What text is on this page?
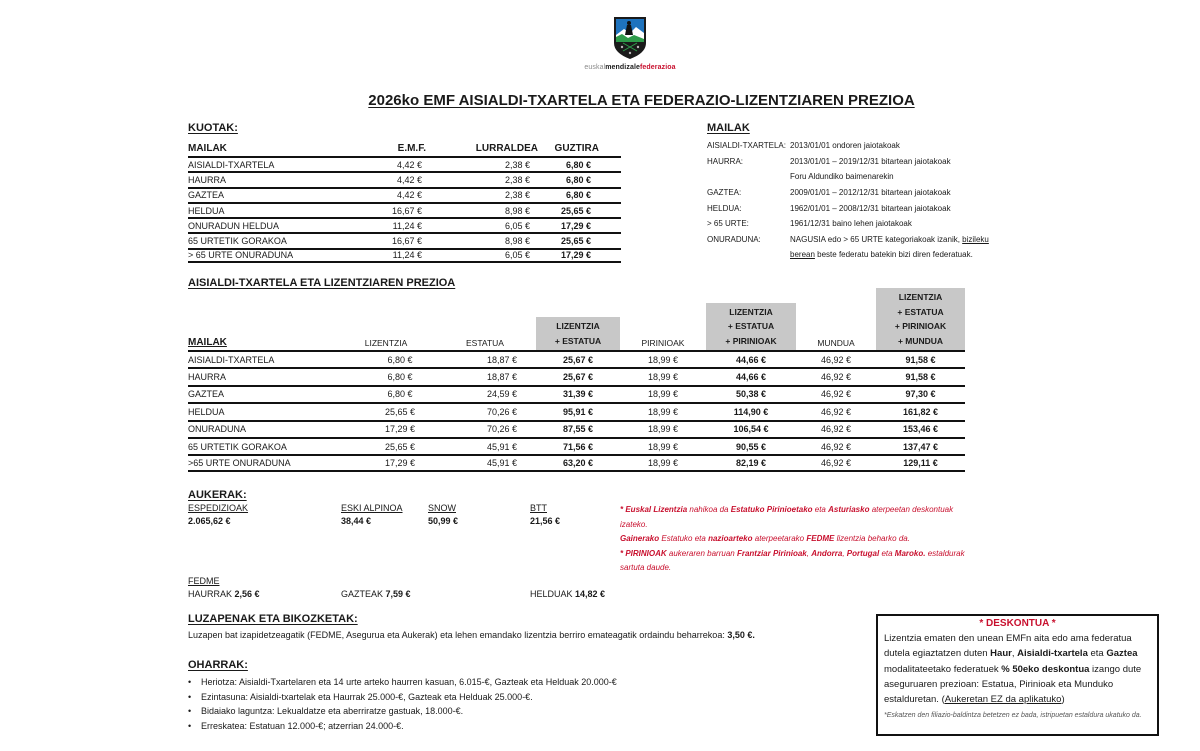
euskalmendizalefederazioa
2026ko EMF AISIALDI-TXARTELA ETA FEDERAZIO-LIZENTZIAREN PREZIOA
KUOTAK:
MAILAK	E.M.F.	LURRALDEA	GUZTIRA
AISIALDI-TXARTELA	4,42 €	2,38 €	6,80 €
HAURRA	4,42 €	2,38 €	6,80 €
GAZTEA	4,42 €	2,38 €	6,80 €
HELDUA	16,67 €	8,98 €	25,65 €
ONURADUN HELDUA	11,24 €	6,05 €	17,29 €
65 URTETIK GORAKOA	16,67 €	8,98 €	25,65 €
> 65 URTE ONURADUNA	11,24 €	6,05 €	17,29 €
MAILAK
AISIALDI-TXARTELA: 2013/01/01 ondoren jaiotakoak
HAURRA:	2013/01/01 – 2019/12/31 bitartean jaiotakoak
Foru Aldundiko baimenarekin
GAZTEA:	2009/01/01 – 2012/12/31 bitartean jaiotakoak
HELDUA:	1962/01/01 – 2008/12/31 bitartean jaiotakoak
> 65 URTE:	1961/12/31 baino lehen jaiotakoak
ONURADUNA:	NAGUSIA edo > 65 URTE kategoriakoak izanik, bizileku
berean beste federatu batekin bizi diren federatuak.
AISIALDI-TXARTELA ETA LIZENTZIAREN PREZIOA
MAILAK	LIZENTZIA	ESTATUA
LIZENTZIA
+ ESTATUA	PIRINIOAK
LIZENTZIA
+ ESTATUA
+ PIRINIOAK	MUNDUA
LIZENTZIA
+ ESTATUA
+ PIRINIOAK
+ MUNDUA
AISIALDI-TXARTELA	6,80 €	18,87 €	25,67 €	18,99 €	44,66 €	46,92 €	91,58 €
HAURRA	6,80 €	18,87 €	25,67 €	18,99 €	44,66 €	46,92 €	91,58 €
GAZTEA	6,80 €	24,59 €	31,39 €	18,99 €	50,38 €	46,92 €	97,30 €
HELDUA	25,65 €	70,26 €	95,91 €	18,99 €	114,90 €	46,92 €	161,82 €
ONURADUNA	17,29 €	70,26 €	87,55 €	18,99 €	106,54 €	46,92 €	153,46 €
65 URTETIK GORAKOA	25,65 €	45,91 €	71,56 €	18,99 €	90,55 €	46,92 €	137,47 €
>65 URTE ONURADUNA	17,29 €	45,91 €	63,20 €	18,99 €	82,19 €	46,92 €	129,11 €
AUKERAK:
ESPEDIZIOAK
2.065,62 €
ESKI ALPINOA
38,44 €
SNOW
50,99 €
BTT
21,56 €
FEDME
HAURRAK 2,56 €	GAZTEAK 7,59 €	HELDUAK 14,82 €
* Euskal Lizentzia nahikoa da Estatuko Pirinioetako eta Asturiasko aterpeetan deskontuak izateko.
Gainerako Estatuko eta nazioarteko aterpeetarako FEDME lizentzia beharko da.
* PIRINIOAK aukeraren barruan Frantziar Pirinioak, Andorra, Portugal eta Maroko. estaldurak sartuta daude.
LUZAPENAK ETA BIKOZKETAK:

Luzapen bat izapidetzeagatik (FEDME, Asegurua eta Aukerak) eta lehen emandako lizentzia berriro emateagatik ordaindu beharrekoa: 3,50 €.

OHARRAK:
•	Heriotza: Aisialdi-Txartelaren eta 14 urte arteko haurren kasuan, 6.015-€, Gazteak eta Helduak 20.000-€
•	Ezintasuna: Aisialdi-txartelak eta Haurrak 25.000-€, Gazteak eta Helduak 25.000-€.
•	Bidaiako laguntza: Lekualdatze eta aberriratze gastuak, 18.000-€.
•	Erreskatea: Estatuan 12.000-€; atzerrian 24.000-€.
* DESKONTUA *
Lizentzia ematen den unean EMFn aita edo ama federatua dutela egiaztatzen duten Haur, Aisialdi-txartela eta Gaztea modalitateetako federatuek % 50eko deskontua izango dute aseguruaren prezioan: Estatua, Pirinioak eta Munduko estalduretan. (Aukeretan EZ da aplikatuko)
*Eskatzen den filiazio-baldintza betetzen ez bada, istripuetan estaldura ukatuko da.
